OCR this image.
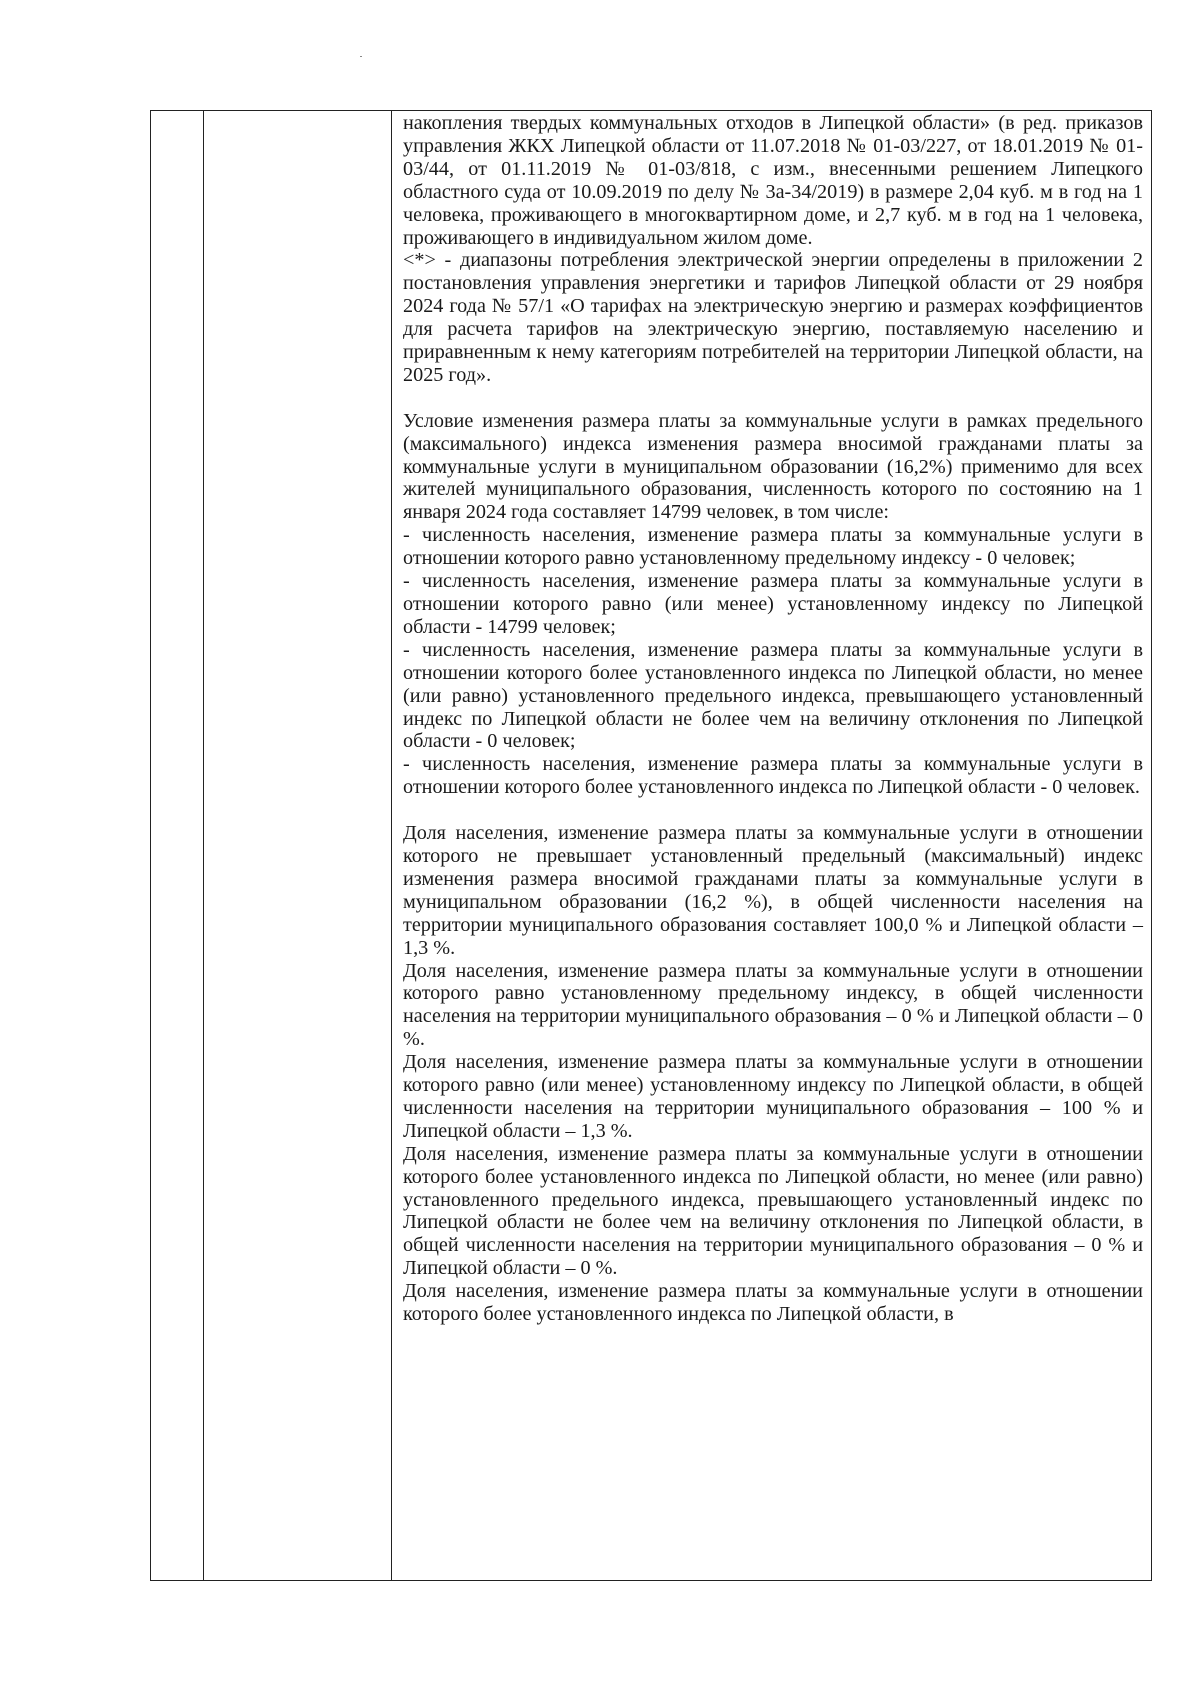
накопления твердых коммунальных отходов в Липецкой области» (в ред. приказов управления ЖКХ Липецкой области от 11.07.2018 № 01-03/227, от 18.01.2019 № 01-03/44, от 01.11.2019 № 01-03/818, с изм., внесенными решением Липецкого областного суда от 10.09.2019 по делу № 3а-34/2019) в размере 2,04 куб. м в год на 1 человека, проживающего в многоквартирном доме, и 2,7 куб. м в год на 1 человека, проживающего в индивидуальном жилом доме.

<*> - диапазоны потребления электрической энергии определены в приложении 2 постановления управления энергетики и тарифов Липецкой области от 29 ноября 2024 года № 57/1 «О тарифах на электрическую энергию и размерах коэффициентов для расчета тарифов на электрическую энергию, поставляемую населению и приравненным к нему категориям потребителей на территории Липецкой области, на 2025 год».

Условие изменения размера платы за коммунальные услуги в рамках предельного (максимального) индекса изменения размера вносимой гражданами платы за коммунальные услуги в муниципальном образовании (16,2%) применимо для всех жителей муниципального образования, численность которого по состоянию на 1 января 2024 года составляет 14799 человек, в том числе:

- численность населения, изменение размера платы за коммунальные услуги в отношении которого равно установленному предельному индексу - 0 человек;

- численность населения, изменение размера платы за коммунальные услуги в отношении которого равно (или менее) установленному индексу по Липецкой области - 14799 человек;

- численность населения, изменение размера платы за коммунальные услуги в отношении которого более установленного индекса по Липецкой области, но менее (или равно) установленного предельного индекса, превышающего установленный индекс по Липецкой области не более чем на величину отклонения по Липецкой области - 0 человек;

- численность населения, изменение размера платы за коммунальные услуги в отношении которого более установленного индекса по Липецкой области - 0 человек.

Доля населения, изменение размера платы за коммунальные услуги в отношении которого не превышает установленный предельный (максимальный) индекс изменения размера вносимой гражданами платы за коммунальные услуги в муниципальном образовании (16,2 %), в общей численности населения на территории муниципального образования составляет 100,0 % и Липецкой области – 1,3 %.

Доля населения, изменение размера платы за коммунальные услуги в отношении которого равно установленному предельному индексу, в общей численности населения на территории муниципального образования – 0 % и Липецкой области – 0 %.

Доля населения, изменение размера платы за коммунальные услуги в отношении которого равно (или менее) установленному индексу по Липецкой области, в общей численности населения на территории муниципального образования – 100 % и Липецкой области – 1,3 %.

Доля населения, изменение размера платы за коммунальные услуги в отношении которого более установленного индекса по Липецкой области, но менее (или равно) установленного предельного индекса, превышающего установленный индекс по Липецкой области не более чем на величину отклонения по Липецкой области, в общей численности населения на территории муниципального образования – 0 % и Липецкой области – 0 %.

Доля населения, изменение размера платы за коммунальные услуги в отношении которого более установленного индекса по Липецкой области, в
